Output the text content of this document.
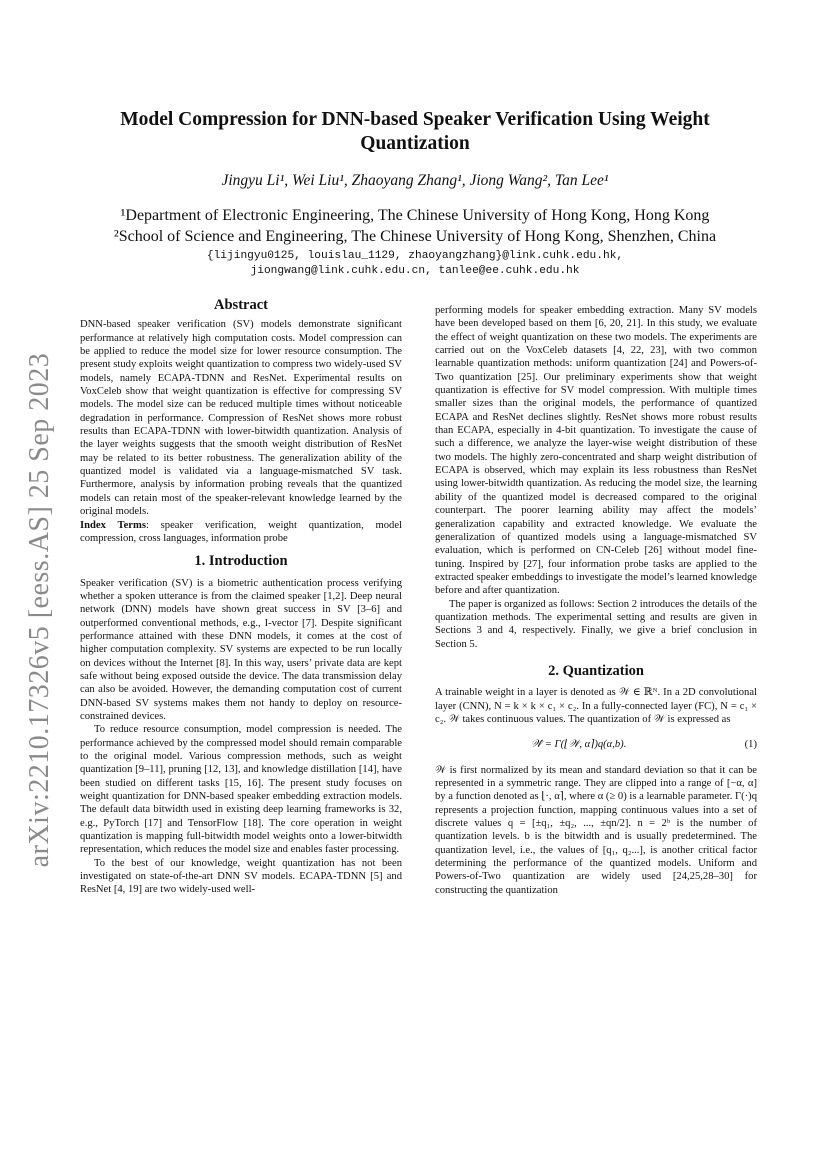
arXiv:2210.17326v5 [eess.AS] 25 Sep 2023
Model Compression for DNN-based Speaker Verification Using Weight Quantization
Jingyu Li¹, Wei Liu¹, Zhaoyang Zhang¹, Jiong Wang², Tan Lee¹
¹Department of Electronic Engineering, The Chinese University of Hong Kong, Hong Kong
²School of Science and Engineering, The Chinese University of Hong Kong, Shenzhen, China
{lijingyu0125, louislau_1129, zhaoyangzhang}@link.cuhk.edu.hk,
jiongwang@link.cuhk.edu.cn, tanlee@ee.cuhk.edu.hk
Abstract

DNN-based speaker verification (SV) models demonstrate significant performance at relatively high computation costs. Model compression can be applied to reduce the model size for lower resource consumption. The present study exploits weight quantization to compress two widely-used SV models, namely ECAPA-TDNN and ResNet. Experimental results on VoxCeleb show that weight quantization is effective for compressing SV models. The model size can be reduced multiple times without noticeable degradation in performance. Compression of ResNet shows more robust results than ECAPA-TDNN with lower-bitwidth quantization. Analysis of the layer weights suggests that the smooth weight distribution of ResNet may be related to its better robustness. The generalization ability of the quantized model is validated via a language-mismatched SV task. Furthermore, analysis by information probing reveals that the quantized models can retain most of the speaker-relevant knowledge learned by the original models.

Index Terms: speaker verification, weight quantization, model compression, cross languages, information probe

1. Introduction

Speaker verification (SV) is a biometric authentication process verifying whether a spoken utterance is from the claimed speaker [1,2]. Deep neural network (DNN) models have shown great success in SV [3–6] and outperformed conventional methods, e.g., I-vector [7]. Despite significant performance attained with these DNN models, it comes at the cost of higher computation complexity. SV systems are expected to be run locally on devices without the Internet [8]. In this way, users’ private data are kept safe without being exposed outside the device. The data transmission delay can also be avoided. However, the demanding computation cost of current DNN-based SV systems makes them not handy to deploy on resource-constrained devices.

To reduce resource consumption, model compression is needed. The performance achieved by the compressed model should remain comparable to the original model. Various compression methods, such as weight quantization [9–11], pruning [12, 13], and knowledge distillation [14], have been studied on different tasks [15, 16]. The present study focuses on weight quantization for DNN-based speaker embedding extraction models. The default data bitwidth used in existing deep learning frameworks is 32, e.g., PyTorch [17] and TensorFlow [18]. The core operation in weight quantization is mapping full-bitwidth model weights onto a lower-bitwidth representation, which reduces the model size and enables faster processing.

To the best of our knowledge, weight quantization has not been investigated on state-of-the-art DNN SV models. ECAPA-TDNN [5] and ResNet [4, 19] are two widely-used well-

performing models for speaker embedding extraction. Many SV models have been developed based on them [6, 20, 21]. In this study, we evaluate the effect of weight quantization on these two models. The experiments are carried out on the VoxCeleb datasets [4, 22, 23], with two common learnable quantization methods: uniform quantization [24] and Powers-of-Two quantization [25]. Our preliminary experiments show that weight quantization is effective for SV model compression. With multiple times smaller sizes than the original models, the performance of quantized ECAPA and ResNet declines slightly. ResNet shows more robust results than ECAPA, especially in 4-bit quantization. To investigate the cause of such a difference, we analyze the layer-wise weight distribution of these two models. The highly zero-concentrated and sharp weight distribution of ECAPA is observed, which may explain its less robustness than ResNet using lower-bitwidth quantization. As reducing the model size, the learning ability of the quantized model is decreased compared to the original counterpart. The poorer learning ability may affect the models’ generalization capability and extracted knowledge. We evaluate the generalization of quantized models using a language-mismatched SV evaluation, which is performed on CN-Celeb [26] without model fine-tuning. Inspired by [27], four information probe tasks are applied to the extracted speaker embeddings to investigate the model’s learned knowledge before and after quantization.

The paper is organized as follows: Section 2 introduces the details of the quantization methods. The experimental setting and results are given in Sections 3 and 4, respectively. Finally, we give a brief conclusion in Section 5.

2. Quantization

A trainable weight in a layer is denoted as 𝒲 ∈ ℝᴺ. In a 2D convolutional layer (CNN), N = k × k × c₁ × c₂. In a fully-connected layer (FC), N = c₁ × c₂. 𝒲 takes continuous values. The quantization of 𝒲 is expressed as

𝒲̂ = Γ(⌊𝒲, α⌉)q(α,b).	(1)

𝒲 is first normalized by its mean and standard deviation so that it can be represented in a symmetric range. They are clipped into a range of [−α, α] by a function denoted as ⌊·, α⌉, where α (≥ 0) is a learnable parameter. Γ(·)q represents a projection function, mapping continuous values into a set of discrete values q = [±q₁, ±q₂, ..., ±qn/2]. n = 2ᵇ is the number of quantization levels. b is the bitwidth and is usually predetermined. The quantization level, i.e., the values of [q₁, q₂...], is another critical factor determining the performance of the quantized models. Uniform and Powers-of-Two quantization are widely used [24,25,28–30] for constructing the quantization
